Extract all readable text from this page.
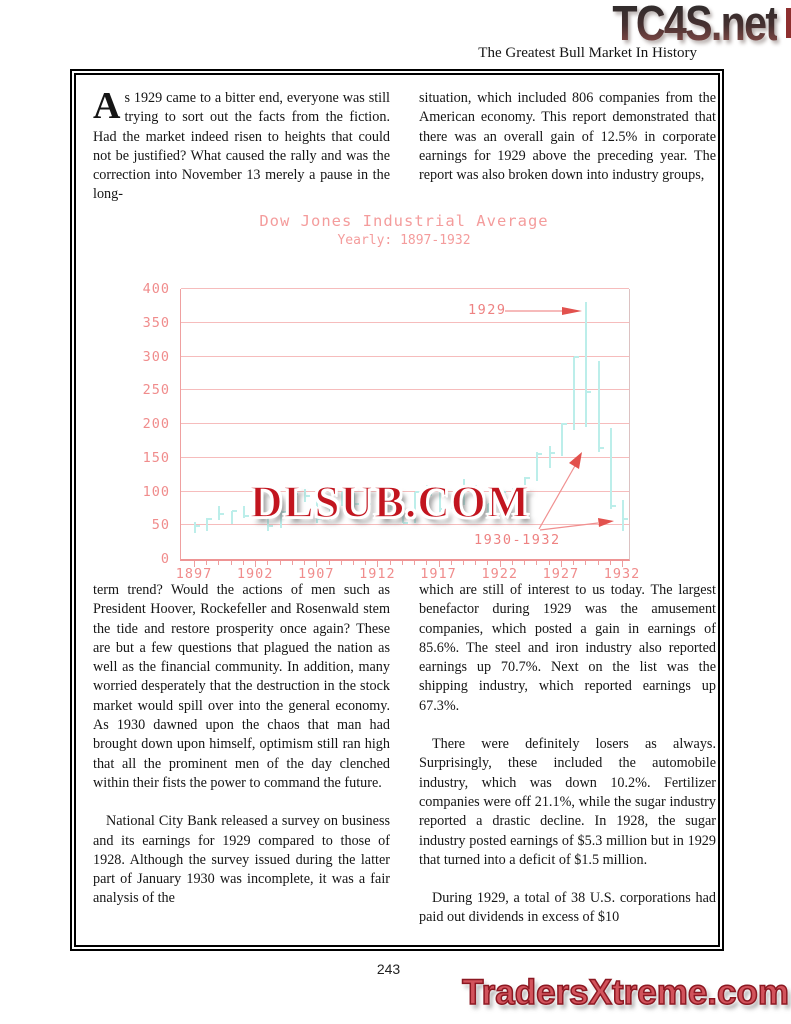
TC4S.net
The Greatest Bull Market In History

As 1929 came to a bitter end, everyone was still trying to sort out the facts from the fiction. Had the market indeed risen to heights that could not be justified? What caused the rally and was the correction into November 13 merely a pause in the long-

situation, which included 806 companies from the American economy. This report demonstrated that there was an overall gain of 12.5% in corporate earnings for 1929 above the preceding year. The report was also broken down into industry groups,

Dow Jones Industrial Average
Yearly: 1897-1932
0
50
100
150
200
250
300
350
400
1897	1902	1907	1912	1917	1922	1927	1932
1929
1930-1932
DLSUB.COM

term trend? Would the actions of men such as President Hoover, Rockefeller and Rosenwald stem the tide and restore prosperity once again? These are but a few questions that plagued the nation as well as the financial community. In addition, many worried desperately that the destruction in the stock market would spill over into the general economy. As 1930 dawned upon the chaos that man had brought down upon himself, optimism still ran high that all the prominent men of the day clenched within their fists the power to command the future.

National City Bank released a survey on business and its earnings for 1929 compared to those of 1928. Although the survey issued during the latter part of January 1930 was incomplete, it was a fair analysis of the

which are still of interest to us today. The largest benefactor during 1929 was the amusement companies, which posted a gain in earnings of 85.6%. The steel and iron industry also reported earnings up 70.7%. Next on the list was the shipping industry, which reported earnings up 67.3%.

There were definitely losers as always. Surprisingly, these included the automobile industry, which was down 10.2%. Fertilizer companies were off 21.1%, while the sugar industry reported a drastic decline. In 1928, the sugar industry posted earnings of $5.3 million but in 1929 that turned into a deficit of $1.5 million.

During 1929, a total of 38 U.S. corporations had paid out dividends in excess of $10

243
TradersXtreme.com
